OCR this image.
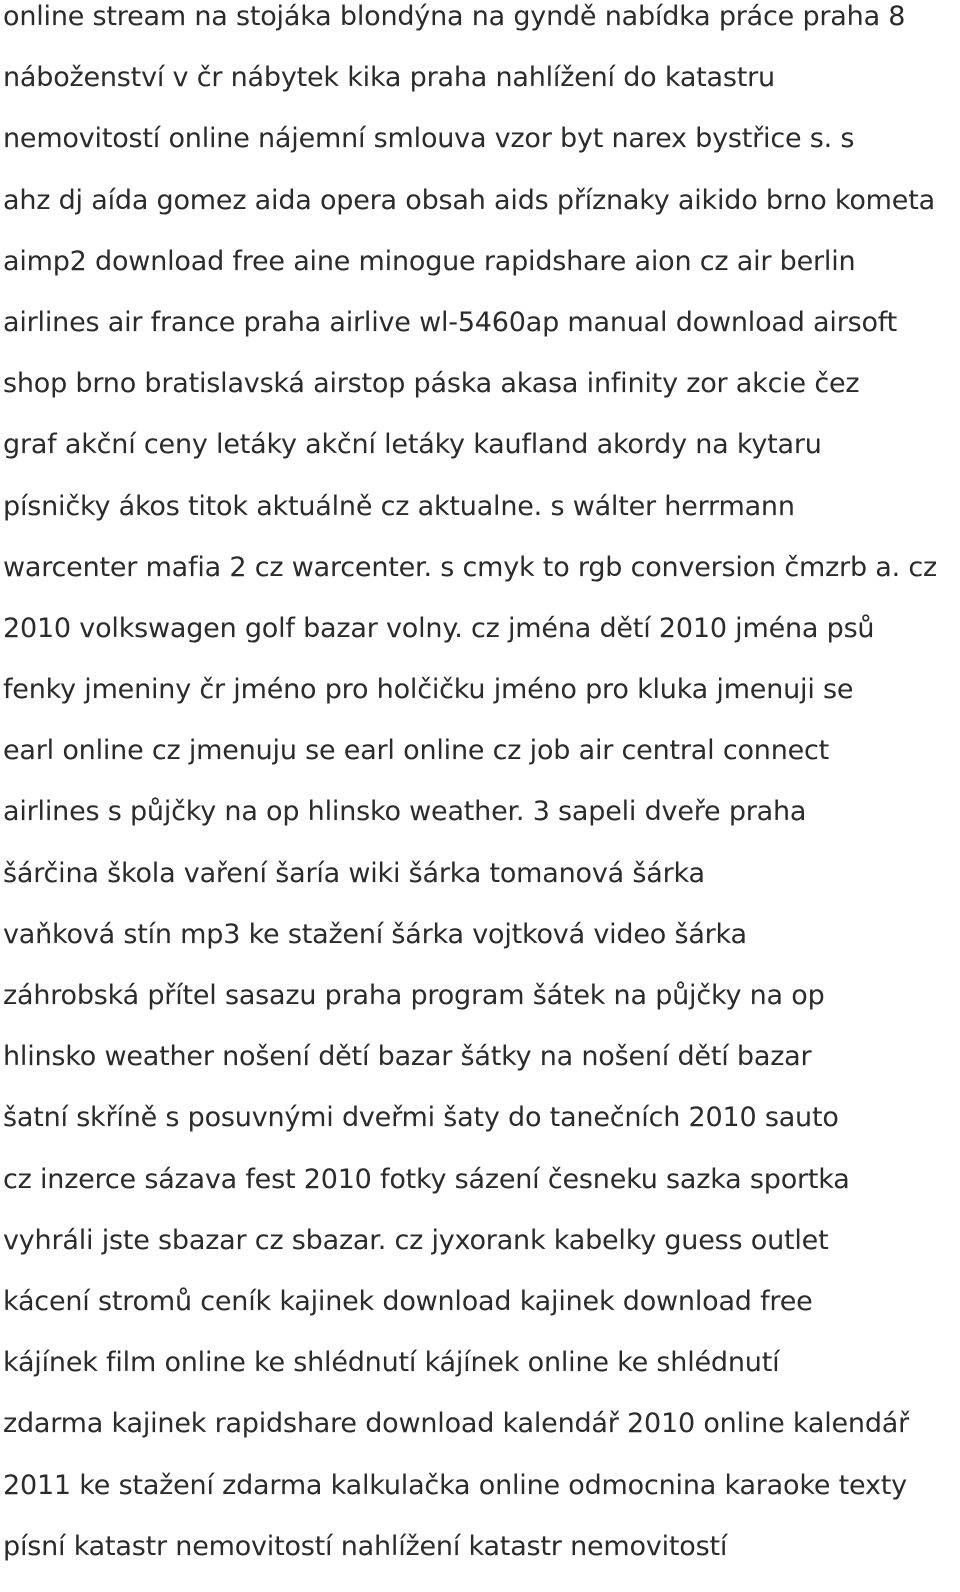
online stream na stojáka blondýna na gyndě nabídka práce praha 8
náboženství v čr nábytek kika praha nahlížení do katastru
nemovitostí online nájemní smlouva vzor byt narex bystřice s. s
ahz dj aída gomez aida opera obsah aids příznaky aikido brno kometa
aimp2 download free aine minogue rapidshare aion cz air berlin
airlines air france praha airlive wl-5460ap manual download airsoft
shop brno bratislavská airstop páska akasa infinity zor akcie čez
graf akční ceny letáky akční letáky kaufland akordy na kytaru
písničky ákos titok aktuálně cz aktualne. s wálter herrmann
warcenter mafia 2 cz warcenter. s cmyk to rgb conversion čmzrb a. cz
2010 volkswagen golf bazar volny. cz jména dětí 2010 jména psů
fenky jmeniny čr jméno pro holčičku jméno pro kluka jmenuji se
earl online cz jmenuju se earl online cz job air central connect
airlines s půjčky na op hlinsko weather. 3 sapeli dveře praha
šárčina škola vaření šaría wiki šárka tomanová šárka
vaňková stín mp3 ke stažení šárka vojtková video šárka
záhrobská přítel sasazu praha program šátek na půjčky na op
hlinsko weather nošení dětí bazar šátky na nošení dětí bazar
šatní skříně s posuvnými dveřmi šaty do tanečních 2010 sauto
cz inzerce sázava fest 2010 fotky sázení česneku sazka sportka
vyhráli jste sbazar cz sbazar. cz jyxorank kabelky guess outlet
kácení stromů ceník kajinek download kajinek download free
kájínek film online ke shlédnutí kájínek online ke shlédnutí
zdarma kajinek rapidshare download kalendář 2010 online kalendář
2011 ke stažení zdarma kalkulačka online odmocnina karaoke texty
písní katastr nemovitostí nahlížení katastr nemovitostí
